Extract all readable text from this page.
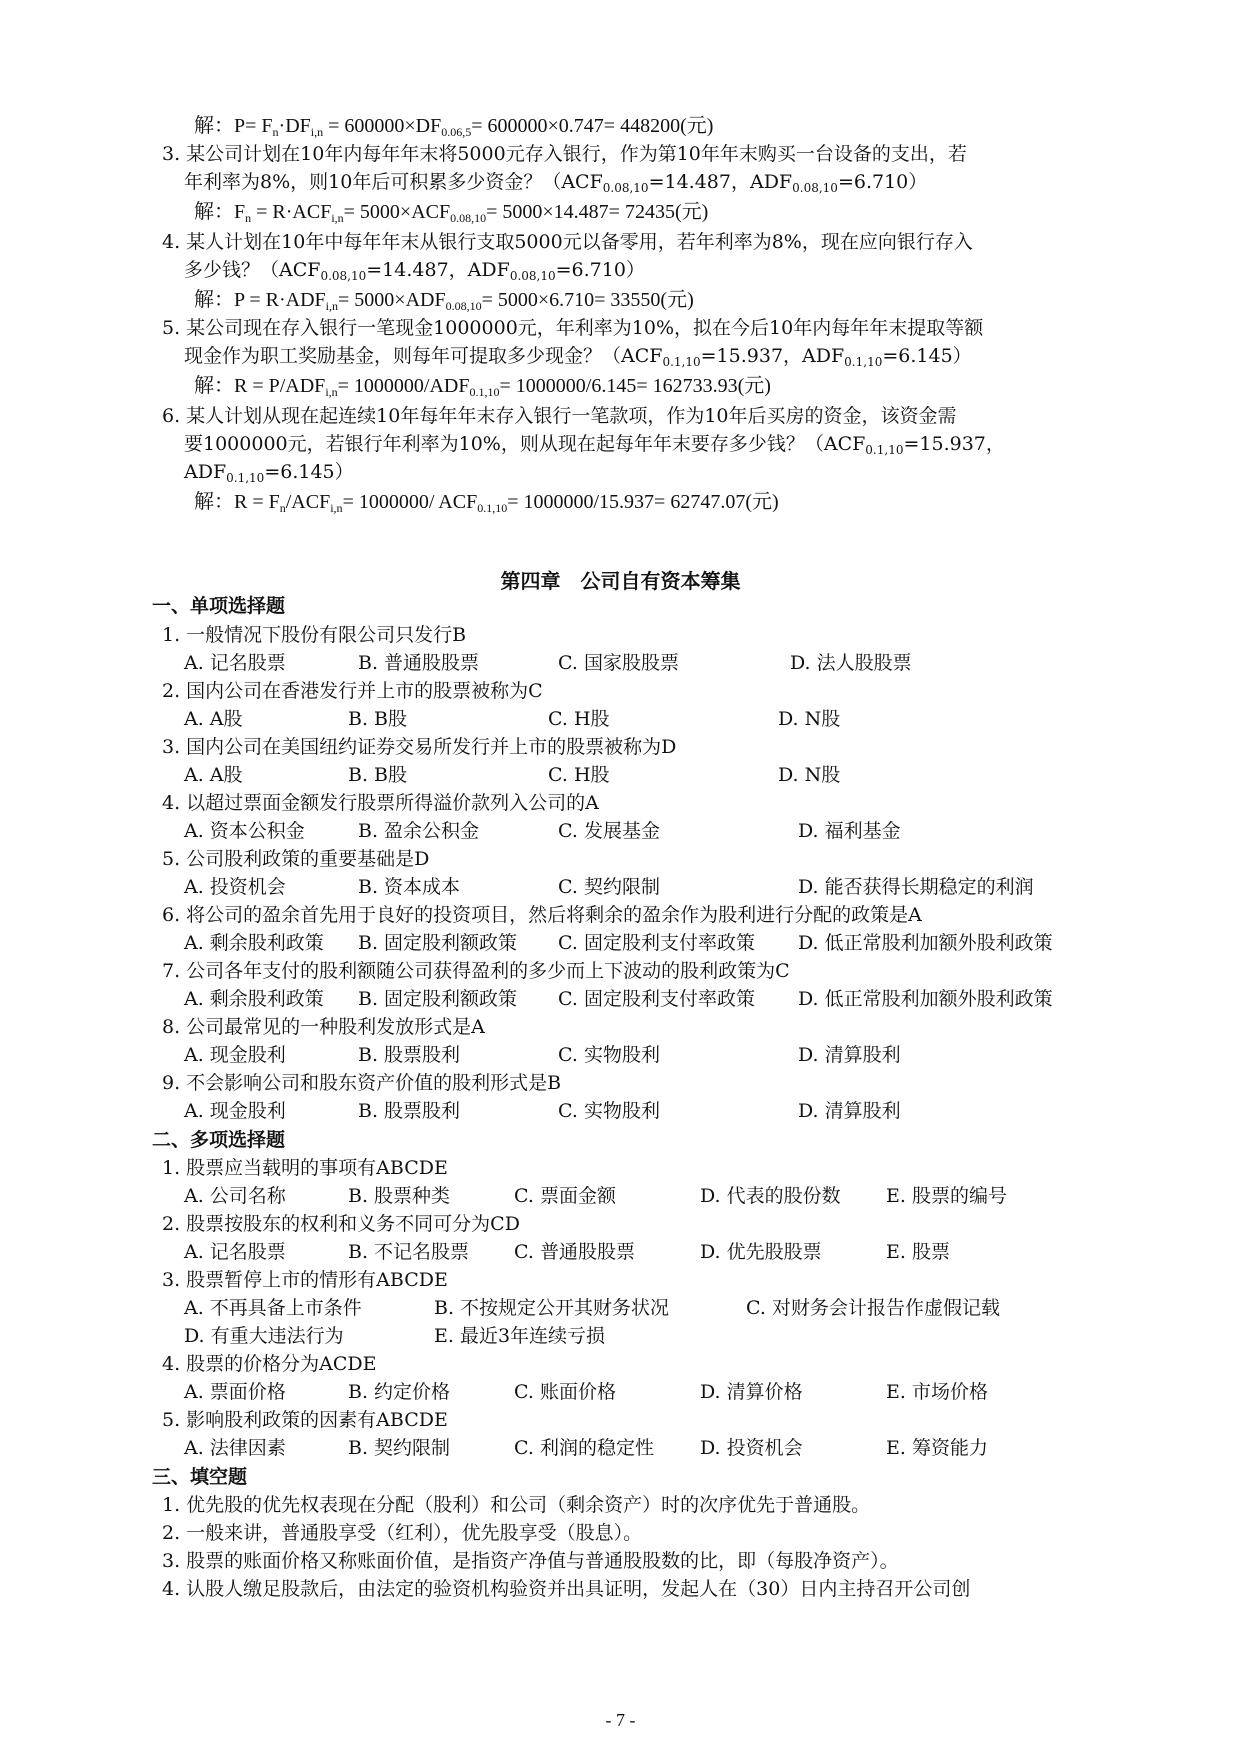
解：$P= F_n\cdot DF_{i,n} = 600000\times DF_{0.06,5}= 600000\times 0.747= 448200$(元)
3. 某公司计划在10年内每年年末将5000元存入银行，作为第10年年末购买一台设备的支出，若
年利率为8%，则10年后可积累多少资金？（$ACF_{0.08,10}=14.487$，$ADF_{0.08,10}=6.710$）
解：$F_n = R\cdot ACF_{i,n}= 5000\times ACF_{0.08,10}= 5000\times 14.487= 72435$(元)
4. 某人计划在10年中每年年末从银行支取5000元以备零用，若年利率为8%，现在应向银行存入
多少钱？（$ACF_{0.08,10}=14.487$，$ADF_{0.08,10}=6.710$）
解：$P = R\cdot ADF_{i,n}= 5000\times ADF_{0.08,10}= 5000\times 6.710= 33550$(元)
5. 某公司现在存入银行一笔现金1000000元，年利率为10%，拟在今后10年内每年年末提取等额
现金作为职工奖励基金，则每年可提取多少现金？（$ACF_{0.1,10}=15.937$，$ADF_{0.1,10}=6.145$）
解：$R = P/ADF_{i,n}= 1000000/ADF_{0.1,10}= 1000000/6.145= 162733.93$(元)
6. 某人计划从现在起连续10年每年年末存入银行一笔款项，作为10年后买房的资金，该资金需
要1000000元，若银行年利率为10%，则从现在起每年年末要存多少钱？（$ACF_{0.1,10}=15.937$，
$ADF_{0.1,10}=6.145$）
解：$R = F_n/ACF_{i,n}= 1000000/$ $ACF_{0.1,10}= 1000000/15.937= 62747.07$(元)
第四章　公司自有资本筹集
一、单项选择题
1. 一般情况下股份有限公司只发行B
A. 记名股票	B. 普通股股票	C. 国家股股票	D. 法人股股票
2. 国内公司在香港发行并上市的股票被称为C
A. A股	B. B股	C. H股	D. N股
3. 国内公司在美国纽约证券交易所发行并上市的股票被称为D
A. A股	B. B股	C. H股	D. N股
4. 以超过票面金额发行股票所得溢价款列入公司的A
A. 资本公积金	B. 盈余公积金	C. 发展基金	D. 福利基金
5. 公司股利政策的重要基础是D
A. 投资机会	B. 资本成本	C. 契约限制	D. 能否获得长期稳定的利润
6. 将公司的盈余首先用于良好的投资项目，然后将剩余的盈余作为股利进行分配的政策是A
A. 剩余股利政策 B. 固定股利额政策 C. 固定股利支付率政策 D. 低正常股利加额外股利政策
7. 公司各年支付的股利额随公司获得盈利的多少而上下波动的股利政策为C
A. 剩余股利政策 B. 固定股利额政策 C. 固定股利支付率政策 D. 低正常股利加额外股利政策
8. 公司最常见的一种股利发放形式是A
A. 现金股利	B. 股票股利	C. 实物股利	D. 清算股利
9. 不会影响公司和股东资产价值的股利形式是B
A. 现金股利	B. 股票股利	C. 实物股利	D. 清算股利
二、多项选择题
1. 股票应当载明的事项有ABCDE
A. 公司名称	B. 股票种类	C. 票面金额	D. 代表的股份数 E. 股票的编号
2. 股票按股东的权利和义务不同可分为CD
A. 记名股票	B. 不记名股票 C. 普通股股票	D. 优先股股票	E. 股票
3. 股票暂停上市的情形有ABCDE
A. 不再具备上市条件	B. 不按规定公开其财务状况	C. 对财务会计报告作虚假记载
D. 有重大违法行为	E. 最近3年连续亏损
4. 股票的价格分为ACDE
A. 票面价格	B. 约定价格	C. 账面价格	D. 清算价格	E. 市场价格
5. 影响股利政策的因素有ABCDE
A. 法律因素	B. 契约限制	C. 利润的稳定性 D. 投资机会	E. 筹资能力
三、填空题
1. 优先股的优先权表现在分配（股利）和公司（剩余资产）时的次序优先于普通股。
2. 一般来讲，普通股享受（红利），优先股享受（股息）。
3. 股票的账面价格又称账面价值，是指资产净值与普通股股数的比，即（每股净资产）。
4. 认股人缴足股款后，由法定的验资机构验资并出具证明，发起人在（30）日内主持召开公司创
- 7 -
